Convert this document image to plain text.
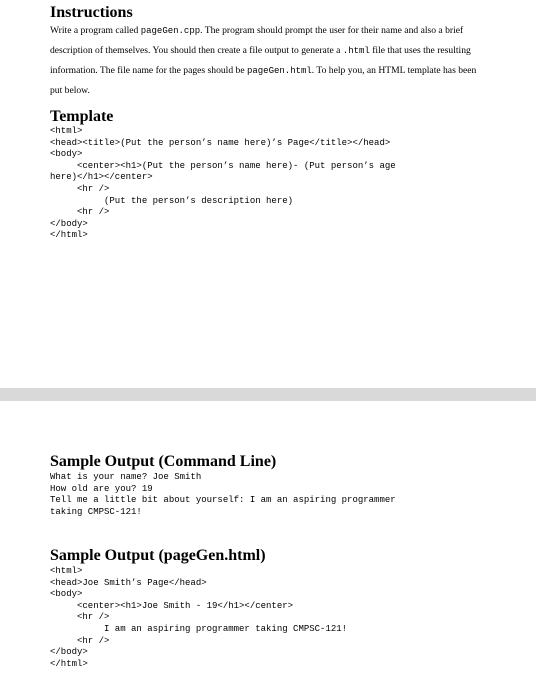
Instructions

Write a program called pageGen.cpp. The program should prompt the user for their name and also a brief description of themselves. You should then create a file output to generate a .html file that uses the resulting information. The file name for the pages should be pageGen.html. To help you, an HTML template has been put below.

Template
<html>
<head><title>(Put the person’s name here)’s Page</title></head>
<body>
<center><h1>(Put the person’s name here)- (Put person’s age
here)</h1></center>
<hr />
(Put the person’s description here)
<hr />
</body>
</html>
Sample Output (Command Line)
What is your name? Joe Smith
How old are you? 19
Tell me a little bit about yourself: I am an aspiring programmer
taking CMPSC-121!
Sample Output (pageGen.html)
<html>
<head>Joe Smith’s Page</head>
<body>
<center><h1>Joe Smith - 19</h1></center>
<hr />
I am an aspiring programmer taking CMPSC-121!
<hr />
</body>
</html>
